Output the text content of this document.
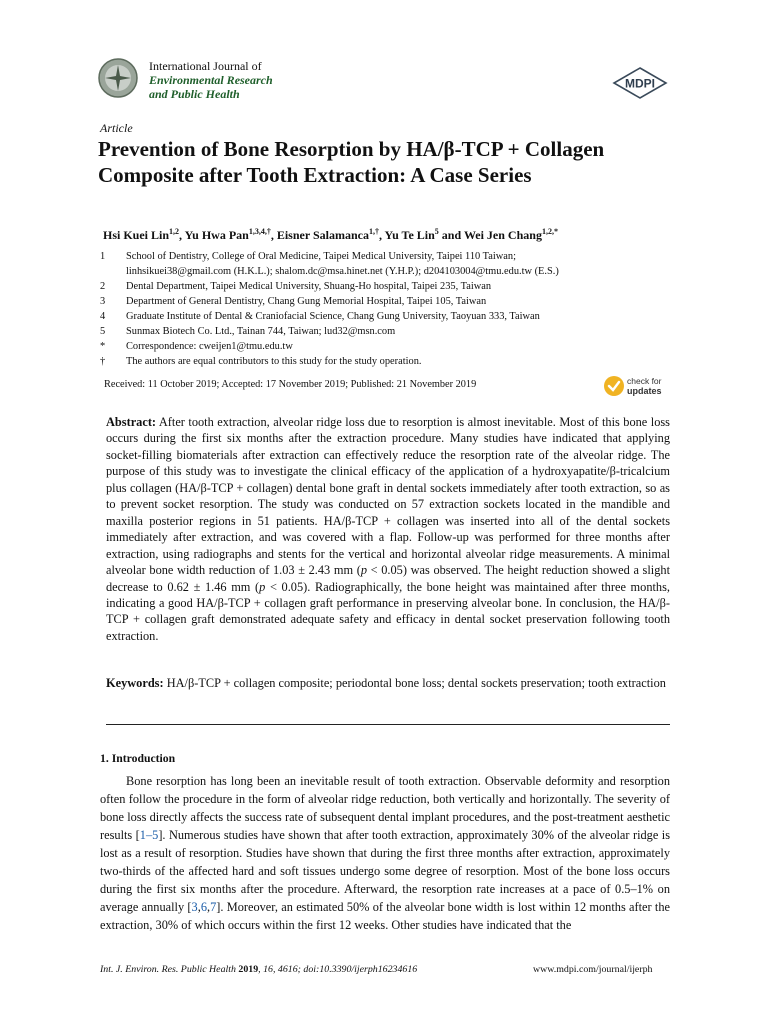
International Journal of
Environmental Research
and Public Health
MDPI
Article
Prevention of Bone Resorption by HA/β-TCP + Collagen Composite after Tooth Extraction: A Case Series
Hsi Kuei Lin$^{1,2}$, Yu Hwa Pan$^{1,3,4,\dagger}$, Eisner Salamanca$^{1,\dagger}$, Yu Te Lin$^5$ and Wei Jen Chang$^{1,2,*}$
1	School of Dentistry, College of Oral Medicine, Taipei Medical University, Taipei 110 Taiwan;
linhsikuei38@gmail.com (H.K.L.); shalom.dc@msa.hinet.net (Y.H.P.); d204103004@tmu.edu.tw (E.S.)
2	Dental Department, Taipei Medical University, Shuang-Ho hospital, Taipei 235, Taiwan
3	Department of General Dentistry, Chang Gung Memorial Hospital, Taipei 105, Taiwan
4	Graduate Institute of Dental & Craniofacial Science, Chang Gung University, Taoyuan 333, Taiwan
5	Sunmax Biotech Co. Ltd., Tainan 744, Taiwan; lud32@msn.com
*	Correspondence: cweijen1@tmu.edu.tw
†	The authors are equal contributors to this study for the study operation.
Received: 11 October 2019; Accepted: 17 November 2019; Published: 21 November 2019	check for
updates
Abstract: After tooth extraction, alveolar ridge loss due to resorption is almost inevitable. Most of this bone loss occurs during the first six months after the extraction procedure. Many studies have indicated that applying socket-filling biomaterials after extraction can effectively reduce the resorption rate of the alveolar ridge. The purpose of this study was to investigate the clinical efficacy of the application of a hydroxyapatite/β-tricalcium plus collagen (HA/β-TCP + collagen) dental bone graft in dental sockets immediately after tooth extraction, so as to prevent socket resorption. The study was conducted on 57 extraction sockets located in the mandible and maxilla posterior regions in 51 patients. HA/β-TCP + collagen was inserted into all of the dental sockets immediately after extraction, and was covered with a flap. Follow-up was performed for three months after extraction, using radiographs and stents for the vertical and horizontal alveolar ridge measurements. A minimal alveolar bone width reduction of 1.03 ± 2.43 mm (p < 0.05) was observed. The height reduction showed a slight decrease to 0.62 ± 1.46 mm (p < 0.05). Radiographically, the bone height was maintained after three months, indicating a good HA/β-TCP + collagen graft performance in preserving alveolar bone. In conclusion, the HA/β-TCP + collagen graft demonstrated adequate safety and efficacy in dental socket preservation following tooth extraction.
Keywords: HA/β-TCP + collagen composite; periodontal bone loss; dental sockets preservation; tooth extraction
1. Introduction
Bone resorption has long been an inevitable result of tooth extraction. Observable deformity and resorption often follow the procedure in the form of alveolar ridge reduction, both vertically and horizontally. The severity of bone loss directly affects the success rate of subsequent dental implant procedures, and the post-treatment aesthetic results [1–5]. Numerous studies have shown that after tooth extraction, approximately 30% of the alveolar ridge is lost as a result of resorption. Studies have shown that during the first three months after extraction, approximately two-thirds of the affected hard and soft tissues undergo some degree of resorption. Most of the bone loss occurs during the first six months after the procedure. Afterward, the resorption rate increases at a pace of 0.5–1% on average annually [3,6,7]. Moreover, an estimated 50% of the alveolar bone width is lost within 12 months after the extraction, 30% of which occurs within the first 12 weeks. Other studies have indicated that the
Int. J. Environ. Res. Public Health 2019, 16, 4616; doi:10.3390/ijerph16234616	www.mdpi.com/journal/ijerph
